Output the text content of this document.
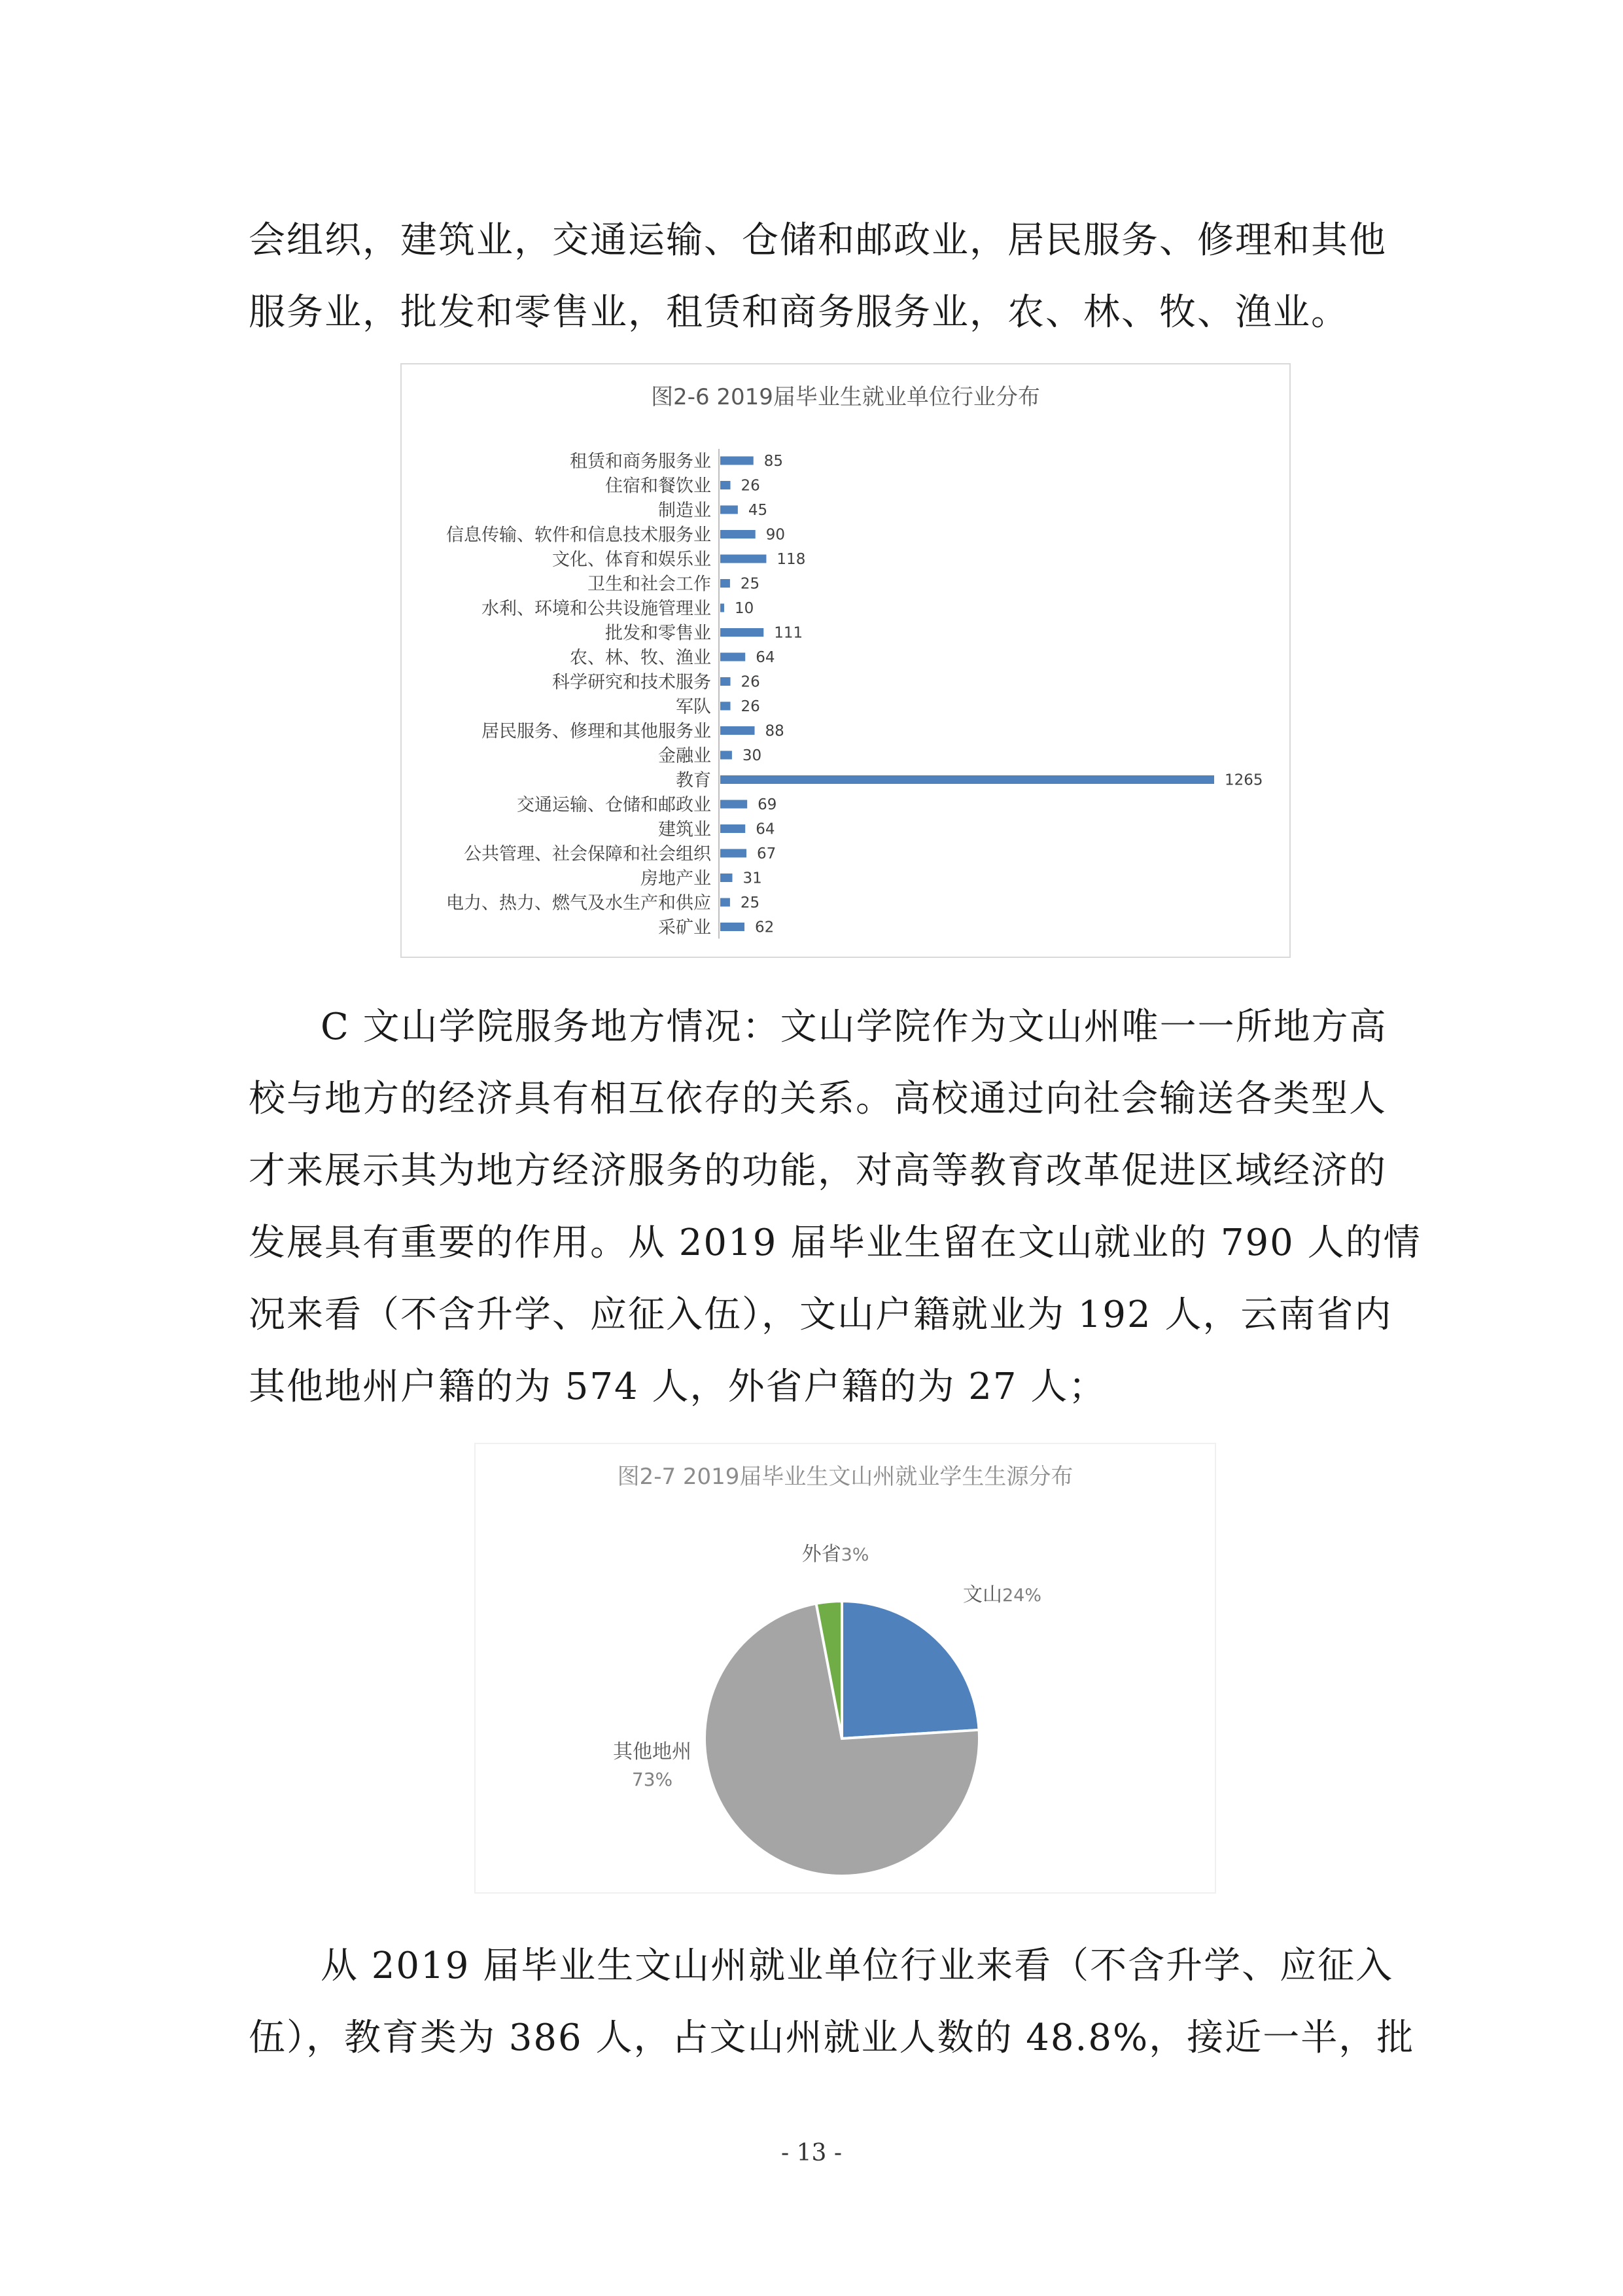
会组织，建筑业，交通运输、仓储和邮政业，居民服务、修理和其他
服务业，批发和零售业，租赁和商务服务业，农、林、牧、渔业。
图2-6 2019届毕业生就业单位行业分布
租赁和商务服务业	85
住宿和餐饮业 26
制造业 45
信息传输、软件和信息技术服务业	90
文化、体育和娱乐业	118
卫生和社会工作 25
水利、环境和公共设施管理业 10
批发和零售业	111
农、林、牧、渔业	64
科学研究和技术服务 26
军队 26
居民服务、修理和其他服务业	88
金融业 30
教育	1265
交通运输、仓储和邮政业	69
建筑业	64
公共管理、社会保障和社会组织	67
房地产业 31
电力、热力、燃气及水生产和供应 25
采矿业	62
C 文山学院服务地方情况：文山学院作为文山州唯一一所地方高
校与地方的经济具有相互依存的关系。高校通过向社会输送各类型人
才来展示其为地方经济服务的功能，对高等教育改革促进区域经济的
发展具有重要的作用。从 2019 届毕业生留在文山就业的 790 人的情
况来看（不含升学、应征入伍），文山户籍就业为 192 人，云南省内
其他地州户籍的为 574 人，外省户籍的为 27 人；
图2-7 2019届毕业生文山州就业学生生源分布
文山24%
其他地州
73%
外省3%
从 2019 届毕业生文山州就业单位行业来看（不含升学、应征入
伍），教育类为 386 人，占文山州就业人数的 48.8%，接近一半，批
- 13 -
